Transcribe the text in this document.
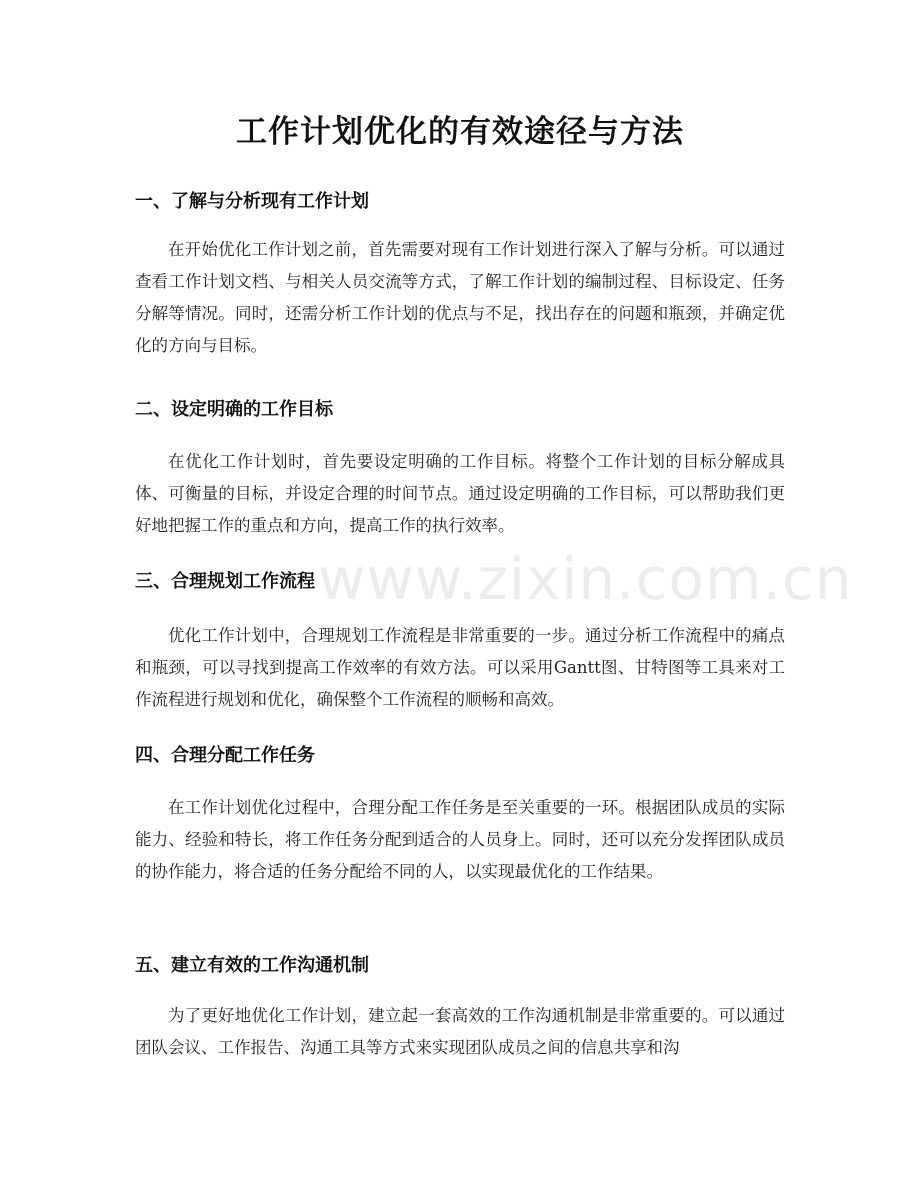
工作计划优化的有效途径与方法
一、了解与分析现有工作计划
在开始优化工作计划之前，首先需要对现有工作计划进行深入了解与分析。可以通过查看工作计划文档、与相关人员交流等方式，了解工作计划的编制过程、目标设定、任务分解等情况。同时，还需分析工作计划的优点与不足，找出存在的问题和瓶颈，并确定优化的方向与目标。
二、设定明确的工作目标
在优化工作计划时，首先要设定明确的工作目标。将整个工作计划的目标分解成具体、可衡量的目标，并设定合理的时间节点。通过设定明确的工作目标，可以帮助我们更好地把握工作的重点和方向，提高工作的执行效率。
三、合理规划工作流程
优化工作计划中，合理规划工作流程是非常重要的一步。通过分析工作流程中的痛点和瓶颈，可以寻找到提高工作效率的有效方法。可以采用Gantt图、甘特图等工具来对工作流程进行规划和优化，确保整个工作流程的顺畅和高效。
四、合理分配工作任务
在工作计划优化过程中，合理分配工作任务是至关重要的一环。根据团队成员的实际能力、经验和特长，将工作任务分配到适合的人员身上。同时，还可以充分发挥团队成员的协作能力，将合适的任务分配给不同的人，以实现最优化的工作结果。
五、建立有效的工作沟通机制
为了更好地优化工作计划，建立起一套高效的工作沟通机制是非常重要的。可以通过团队会议、工作报告、沟通工具等方式来实现团队成员之间的信息共享和沟
www.zixin.com.cn
